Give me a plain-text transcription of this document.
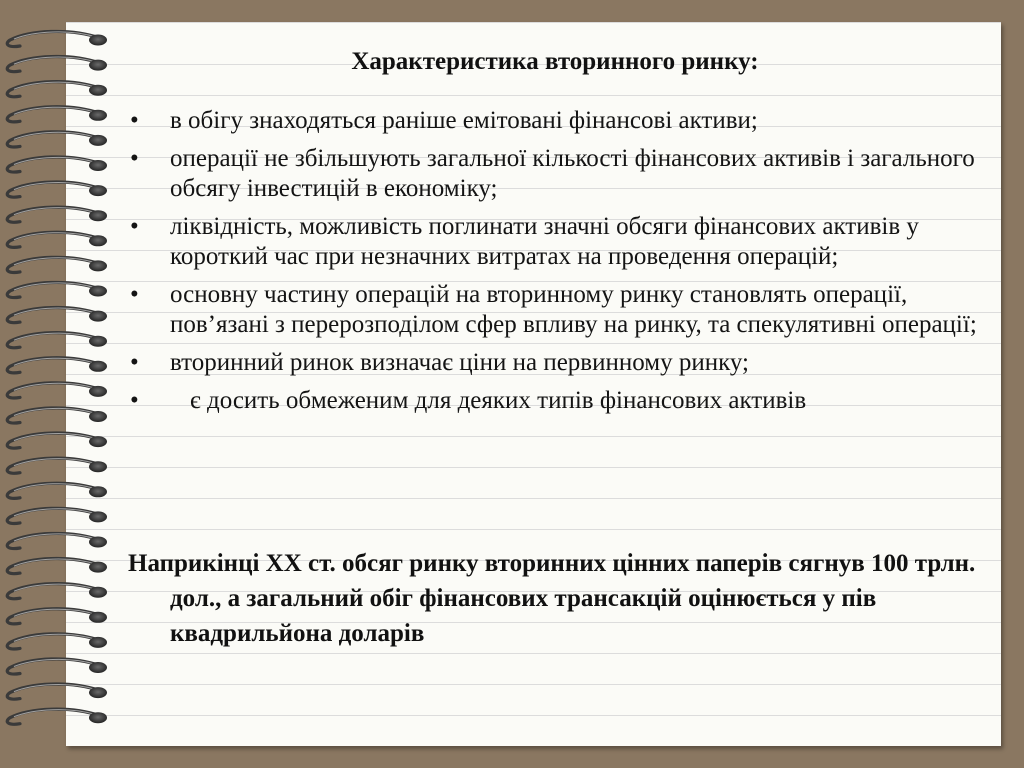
Характеристика вторинного ринку:
• в обігу знаходяться раніше емітовані фінансові активи;
• операції не збільшують загальної кількості фінансових активів і загального обсягу інвестицій в економіку;
• ліквідність, можливість поглинати значні обсяги фінансових активів у короткий час при незначних витратах на проведення операцій;
• основну частину операцій на вторинному ринку становлять операції, пов’язані з перерозподілом сфер впливу на ринку, та спекулятивні операції;
• вторинний ринок визначає ціни на первинному ринку;
• є досить обмеженим для деяких типів фінансових активів
Наприкінці ХХ ст. обсяг ринку вторинних цінних паперів сягнув 100 трлн. дол., а загальний обіг фінансових трансакцій оцінюється у пів квадрильйона доларів
